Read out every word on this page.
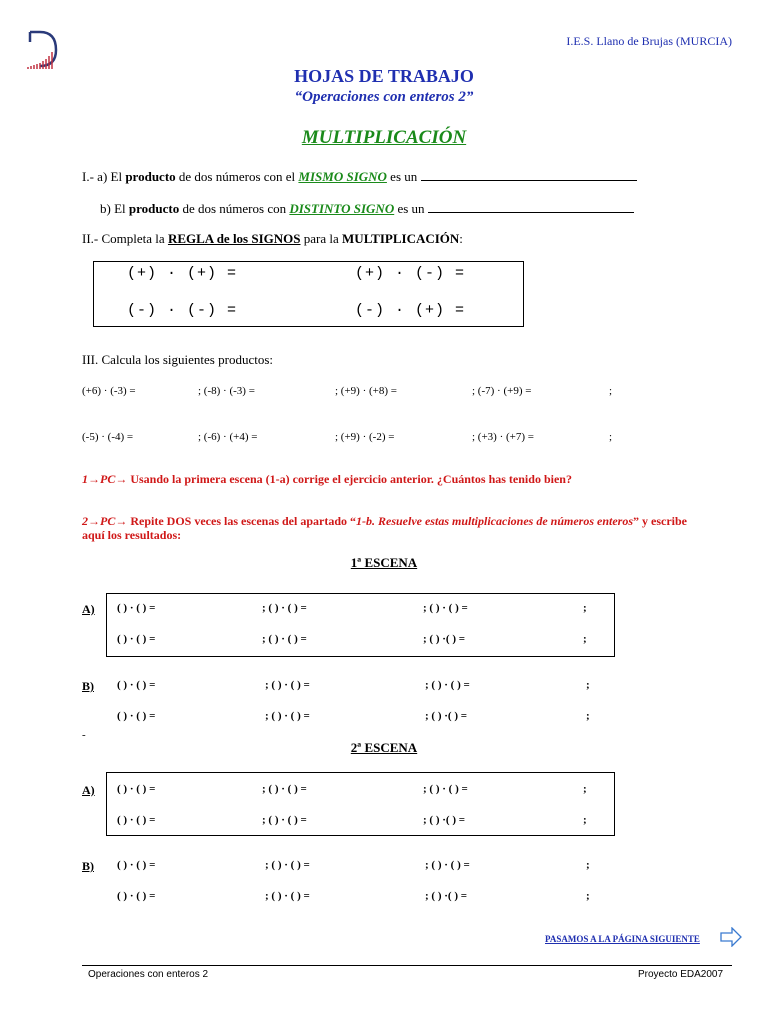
I.E.S. Llano de Brujas (MURCIA)
HOJAS DE TRABAJO
“Operaciones con enteros 2”
MULTIPLICACIÓN
I.- a) El producto de dos números con el MISMO SIGNO es un
b) El producto de dos números con DISTINTO SIGNO es un
II.- Completa la REGLA de los SIGNOS para la MULTIPLICACIÓN:
(+) · (+) =	(+) · (-) =
(-) · (-) =	(-) · (+) =
III. Calcula los siguientes productos:
(+6) · (-3) =	; (-8) · (-3) =	; (+9) · (+8) =	; (-7) · (+9) =	;
(-5) · (-4) =	; (-6) · (+4) =	; (+9) · (-2) =	; (+3) · (+7) =	;
1→PC→ Usando la primera escena (1-a) corrige el ejercicio anterior. ¿Cuántos has tenido bien?
2→PC→ Repite DOS veces las escenas del apartado “1-b. Resuelve estas multiplicaciones de números enteros” y escribe aquí los resultados:
1ª ESCENA
A) ( ) · ( ) =	; ( ) · ( ) =	; ( ) · ( ) =	;
( ) · ( ) =	; ( ) · ( ) =	; ( ) ·( ) =	;
B) ( ) · ( ) =	; ( ) · ( ) =	; ( ) · ( ) =	;
( ) · ( ) =	; ( ) · ( ) =	; ( ) ·( ) =	;
-
2ª ESCENA
A) ( ) · ( ) =	; ( ) · ( ) =	; ( ) · ( ) =	;
( ) · ( ) =	; ( ) · ( ) =	; ( ) ·( ) =	;
B) ( ) · ( ) =	; ( ) · ( ) =	; ( ) · ( ) =	;
( ) · ( ) =	; ( ) · ( ) =	; ( ) ·( ) =	;
PASAMOS A LA PÁGINA SIGUIENTE
Operaciones con enteros 2	Proyecto EDA2007
